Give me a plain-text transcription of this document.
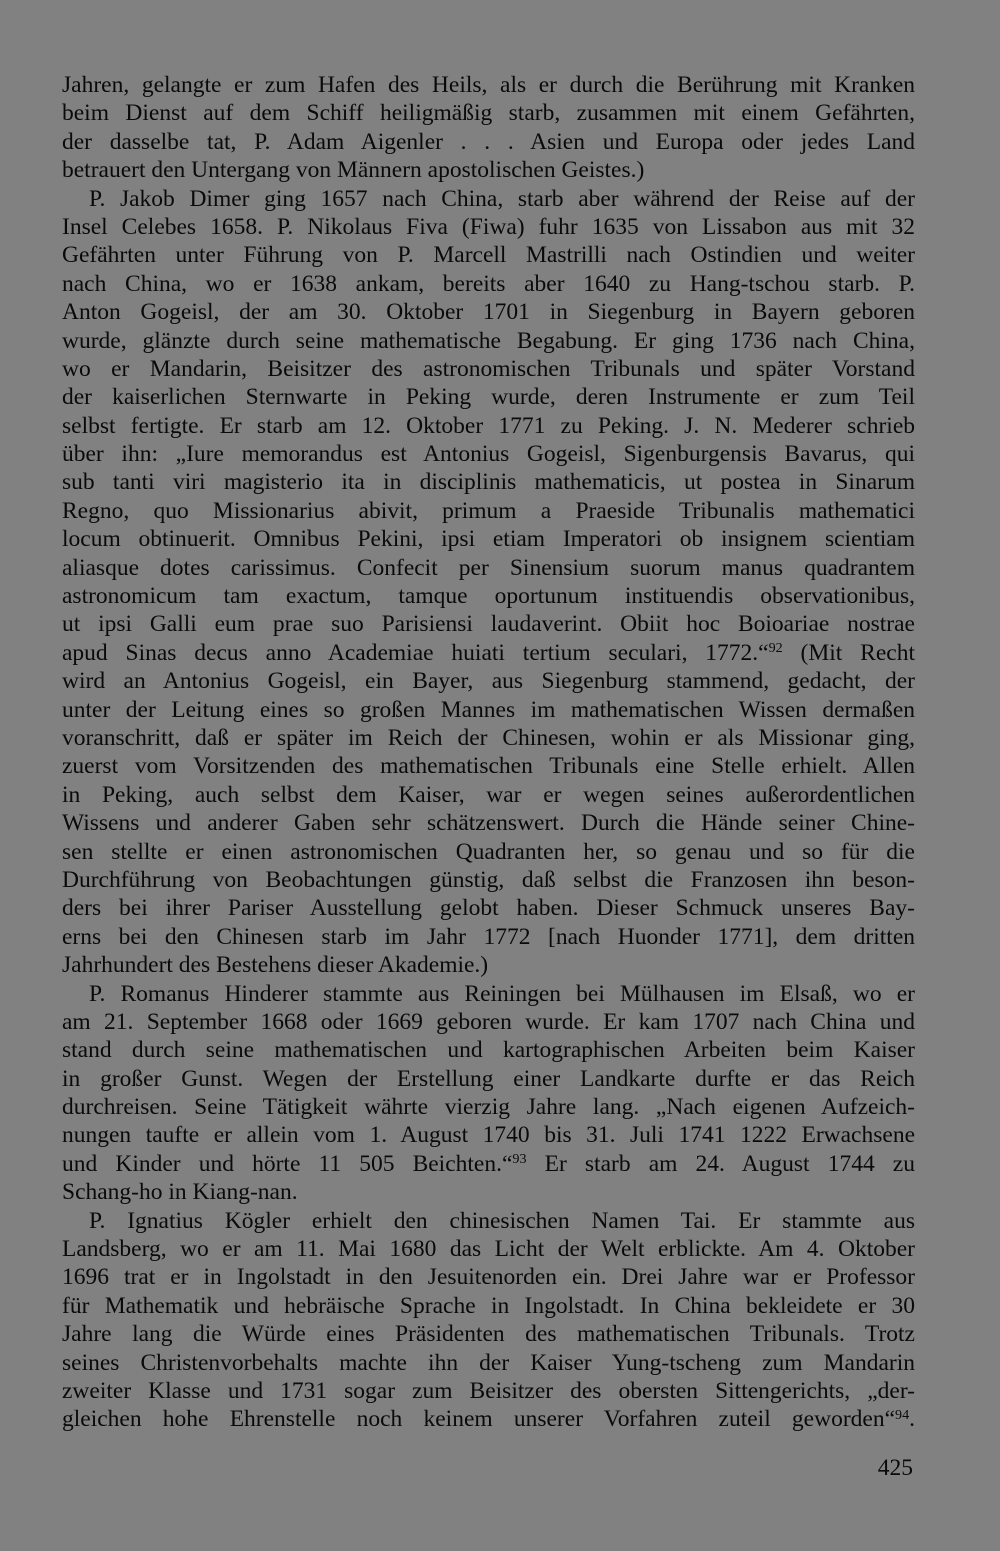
Jahren, gelangte er zum Hafen des Heils, als er durch die Berührung mit Kranken
beim Dienst auf dem Schiff heiligmäßig starb, zusammen mit einem Gefährten,
der dasselbe tat, P. Adam Aigenler . . . Asien und Europa oder jedes Land
betrauert den Untergang von Männern apostolischen Geistes.)
P. Jakob Dimer ging 1657 nach China, starb aber während der Reise auf der
Insel Celebes 1658. P. Nikolaus Fiva (Fiwa) fuhr 1635 von Lissabon aus mit 32
Gefährten unter Führung von P. Marcell Mastrilli nach Ostindien und weiter
nach China, wo er 1638 ankam, bereits aber 1640 zu Hang-tschou starb. P.
Anton Gogeisl, der am 30. Oktober 1701 in Siegenburg in Bayern geboren
wurde, glänzte durch seine mathematische Begabung. Er ging 1736 nach China,
wo er Mandarin, Beisitzer des astronomischen Tribunals und später Vorstand
der kaiserlichen Sternwarte in Peking wurde, deren Instrumente er zum Teil
selbst fertigte. Er starb am 12. Oktober 1771 zu Peking. J. N. Mederer schrieb
über ihn: „Iure memorandus est Antonius Gogeisl, Sigenburgensis Bavarus, qui
sub tanti viri magisterio ita in disciplinis mathematicis, ut postea in Sinarum
Regno, quo Missionarius abivit, primum a Praeside Tribunalis mathematici
locum obtinuerit. Omnibus Pekini, ipsi etiam Imperatori ob insignem scientiam
aliasque dotes carissimus. Confecit per Sinensium suorum manus quadrantem
astronomicum tam exactum, tamque oportunum instituendis observationibus,
ut ipsi Galli eum prae suo Parisiensi laudaverint. Obiit hoc Boioariae nostrae
apud Sinas decus anno Academiae huiati tertium seculari, 1772.“$^{92}$ (Mit Recht
wird an Antonius Gogeisl, ein Bayer, aus Siegenburg stammend, gedacht, der
unter der Leitung eines so großen Mannes im mathematischen Wissen dermaßen
voranschritt, daß er später im Reich der Chinesen, wohin er als Missionar ging,
zuerst vom Vorsitzenden des mathematischen Tribunals eine Stelle erhielt. Allen
in Peking, auch selbst dem Kaiser, war er wegen seines außerordentlichen
Wissens und anderer Gaben sehr schätzenswert. Durch die Hände seiner Chine-
sen stellte er einen astronomischen Quadranten her, so genau und so für die
Durchführung von Beobachtungen günstig, daß selbst die Franzosen ihn beson-
ders bei ihrer Pariser Ausstellung gelobt haben. Dieser Schmuck unseres Bay-
erns bei den Chinesen starb im Jahr 1772 [nach Huonder 1771], dem dritten
Jahrhundert des Bestehens dieser Akademie.)
P. Romanus Hinderer stammte aus Reiningen bei Mülhausen im Elsaß, wo er
am 21. September 1668 oder 1669 geboren wurde. Er kam 1707 nach China und
stand durch seine mathematischen und kartographischen Arbeiten beim Kaiser
in großer Gunst. Wegen der Erstellung einer Landkarte durfte er das Reich
durchreisen. Seine Tätigkeit währte vierzig Jahre lang. „Nach eigenen Aufzeich-
nungen taufte er allein vom 1. August 1740 bis 31. Juli 1741 1222 Erwachsene
und Kinder und hörte 11 505 Beichten.“$^{93}$ Er starb am 24. August 1744 zu
Schang-ho in Kiang-nan.
P. Ignatius Kögler erhielt den chinesischen Namen Tai. Er stammte aus
Landsberg, wo er am 11. Mai 1680 das Licht der Welt erblickte. Am 4. Oktober
1696 trat er in Ingolstadt in den Jesuitenorden ein. Drei Jahre war er Professor
für Mathematik und hebräische Sprache in Ingolstadt. In China bekleidete er 30
Jahre lang die Würde eines Präsidenten des mathematischen Tribunals. Trotz
seines Christenvorbehalts machte ihn der Kaiser Yung-tscheng zum Mandarin
zweiter Klasse und 1731 sogar zum Beisitzer des obersten Sittengerichts, „der-
gleichen hohe Ehrenstelle noch keinem unserer Vorfahren zuteil geworden“$^{94}$.
425
